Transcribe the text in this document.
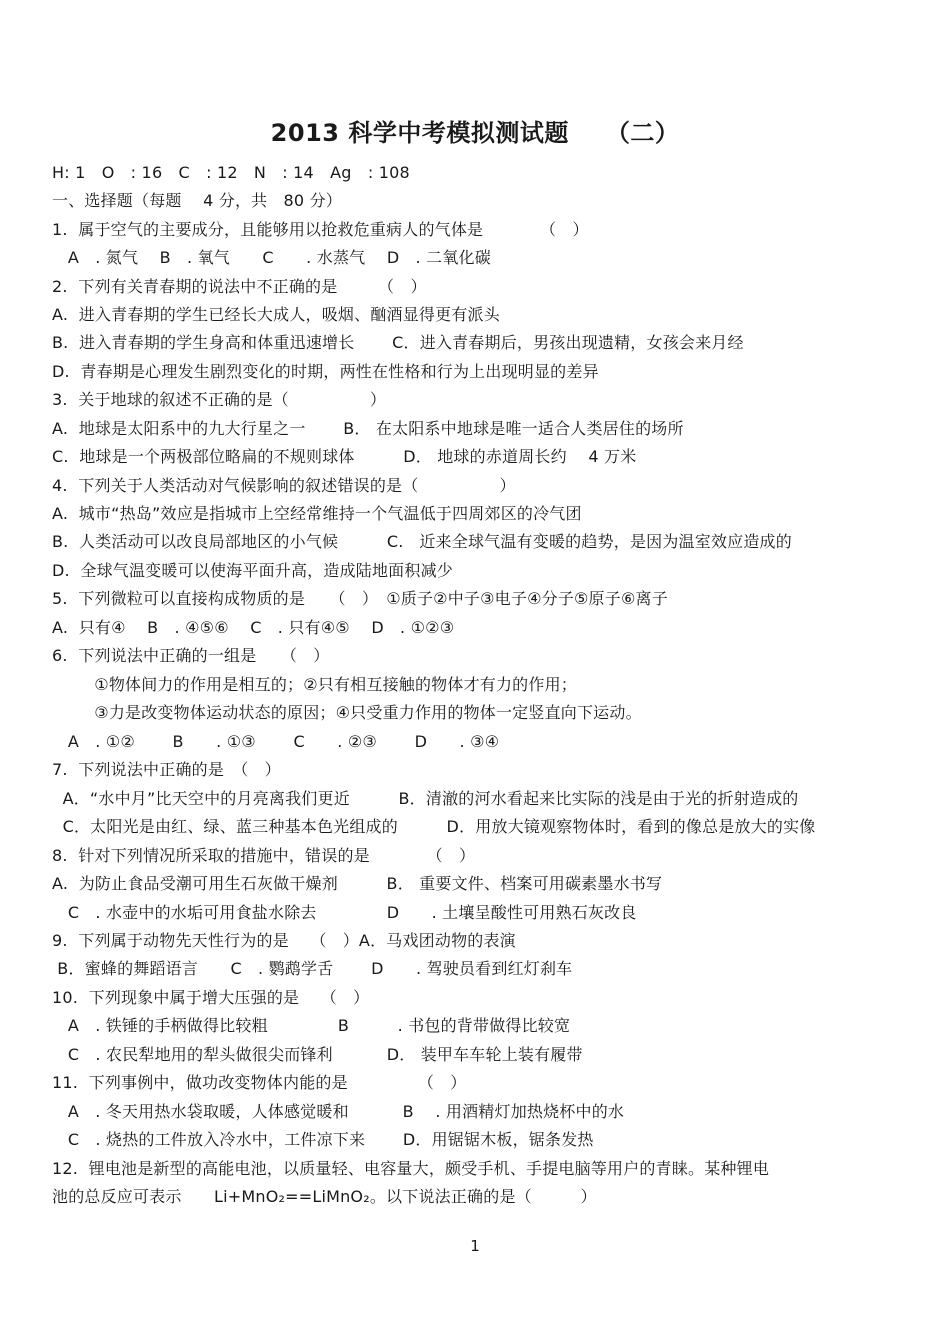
2013 科学中考模拟测试题　　（二）
H: 1　O　: 16　C　: 12　N　: 14　Ag　: 108
一、选择题（每题　 4 分，共　80 分）
1.  属于空气的主要成分，且能够用以抢救危重病人的气体是　　　　（　）
A　. 氮气　 B　. 氧气　　C　　. 水蒸气　 D　. 二氧化碳
2.  下列有关青春期的说法中不正确的是　　　（　）
A.  进入青春期的学生已经长大成人，吸烟、酗酒显得更有派头
B.  进入青春期的学生身高和体重迅速增长　　 C．进入青春期后，男孩出现遗精，女孩会来月经
D.  青春期是心理发生剧烈变化的时期，两性在性格和行为上出现明显的差异
3.  关于地球的叙述不正确的是（　　　　　）
A.  地球是太阳系中的九大行星之一　　 B． 在太阳系中地球是唯一适合人类居住的场所
C.  地球是一个两极部位略扁的不规则球体　　　D． 地球的赤道周长约　 4 万米
4.  下列关于人类活动对气候影响的叙述错误的是（　　　　　）
A.  城市“热岛”效应是指城市上空经常维持一个气温低于四周郊区的冷气团
B.  人类活动可以改良局部地区的小气候　　　C.   近来全球气温有变暖的趋势，是因为温室效应造成的
D.  全球气温变暖可以使海平面升高，造成陆地面积减少
5.  下列微粒可以直接构成物质的是　　（　）　①质子②中子③电子④分子⑤原子⑥离子
A.  只有④　 B　. ④⑤⑥　 C　. 只有④⑤　 D　. ①②③
6.  下列说法中正确的一组是　　（　）
①物体间力的作用是相互的；②只有相互接触的物体才有力的作用；
③力是改变物体运动状态的原因；④只受重力作用的物体一定竖直向下运动。
A　. ①②　　 B　　. ①③　　 C　　. ②③　　 D　　. ③④
7.  下列说法中正确的是　（　）
A．“水中月”比天空中的月亮离我们更近　　　B．清澈的河水看起来比实际的浅是由于光的折射造成的
C．太阳光是由红、绿、蓝三种基本色光组成的　　　D．用放大镜观察物体时，看到的像总是放大的实像
8.  针对下列情况所采取的措施中，错误的是　　　　（　）
A.  为防止食品受潮可用生石灰做干燥剂　　　B． 重要文件、档案可用碳素墨水书写
C　. 水壶中的水垢可用食盐水除去　　　　 D　　. 土壤呈酸性可用熟石灰改良
9.  下列属于动物先天性行为的是　 （　）A．马戏团动物的表演
B．蜜蜂的舞蹈语言　　C　. 鹦鹉学舌　　 D　　. 驾驶员看到红灯刹车
10.  下列现象中属于增大压强的是　 （　）
A　. 铁锤的手柄做得比较粗　　　　 B　　　. 书包的背带做得比较宽
C　. 农民犁地用的犁头做很尖而锋利　　　 D． 装甲车车轮上装有履带
11.  下列事例中，做功改变物体内能的是　　　　 （　）
A　. 冬天用热水袋取暖，人体感觉暖和　　　 B　 . 用酒精灯加热烧杯中的水
C　. 烧热的工件放入冷水中，工件凉下来　　 D．用锯锯木板，锯条发热
12.  锂电池是新型的高能电池，以质量轻、电容量大，颇受手机、手提电脑等用户的青睐。某种锂电
池的总反应可表示　　Li+MnO₂==LiMnO₂。以下说法正确的是（　　　）
1
